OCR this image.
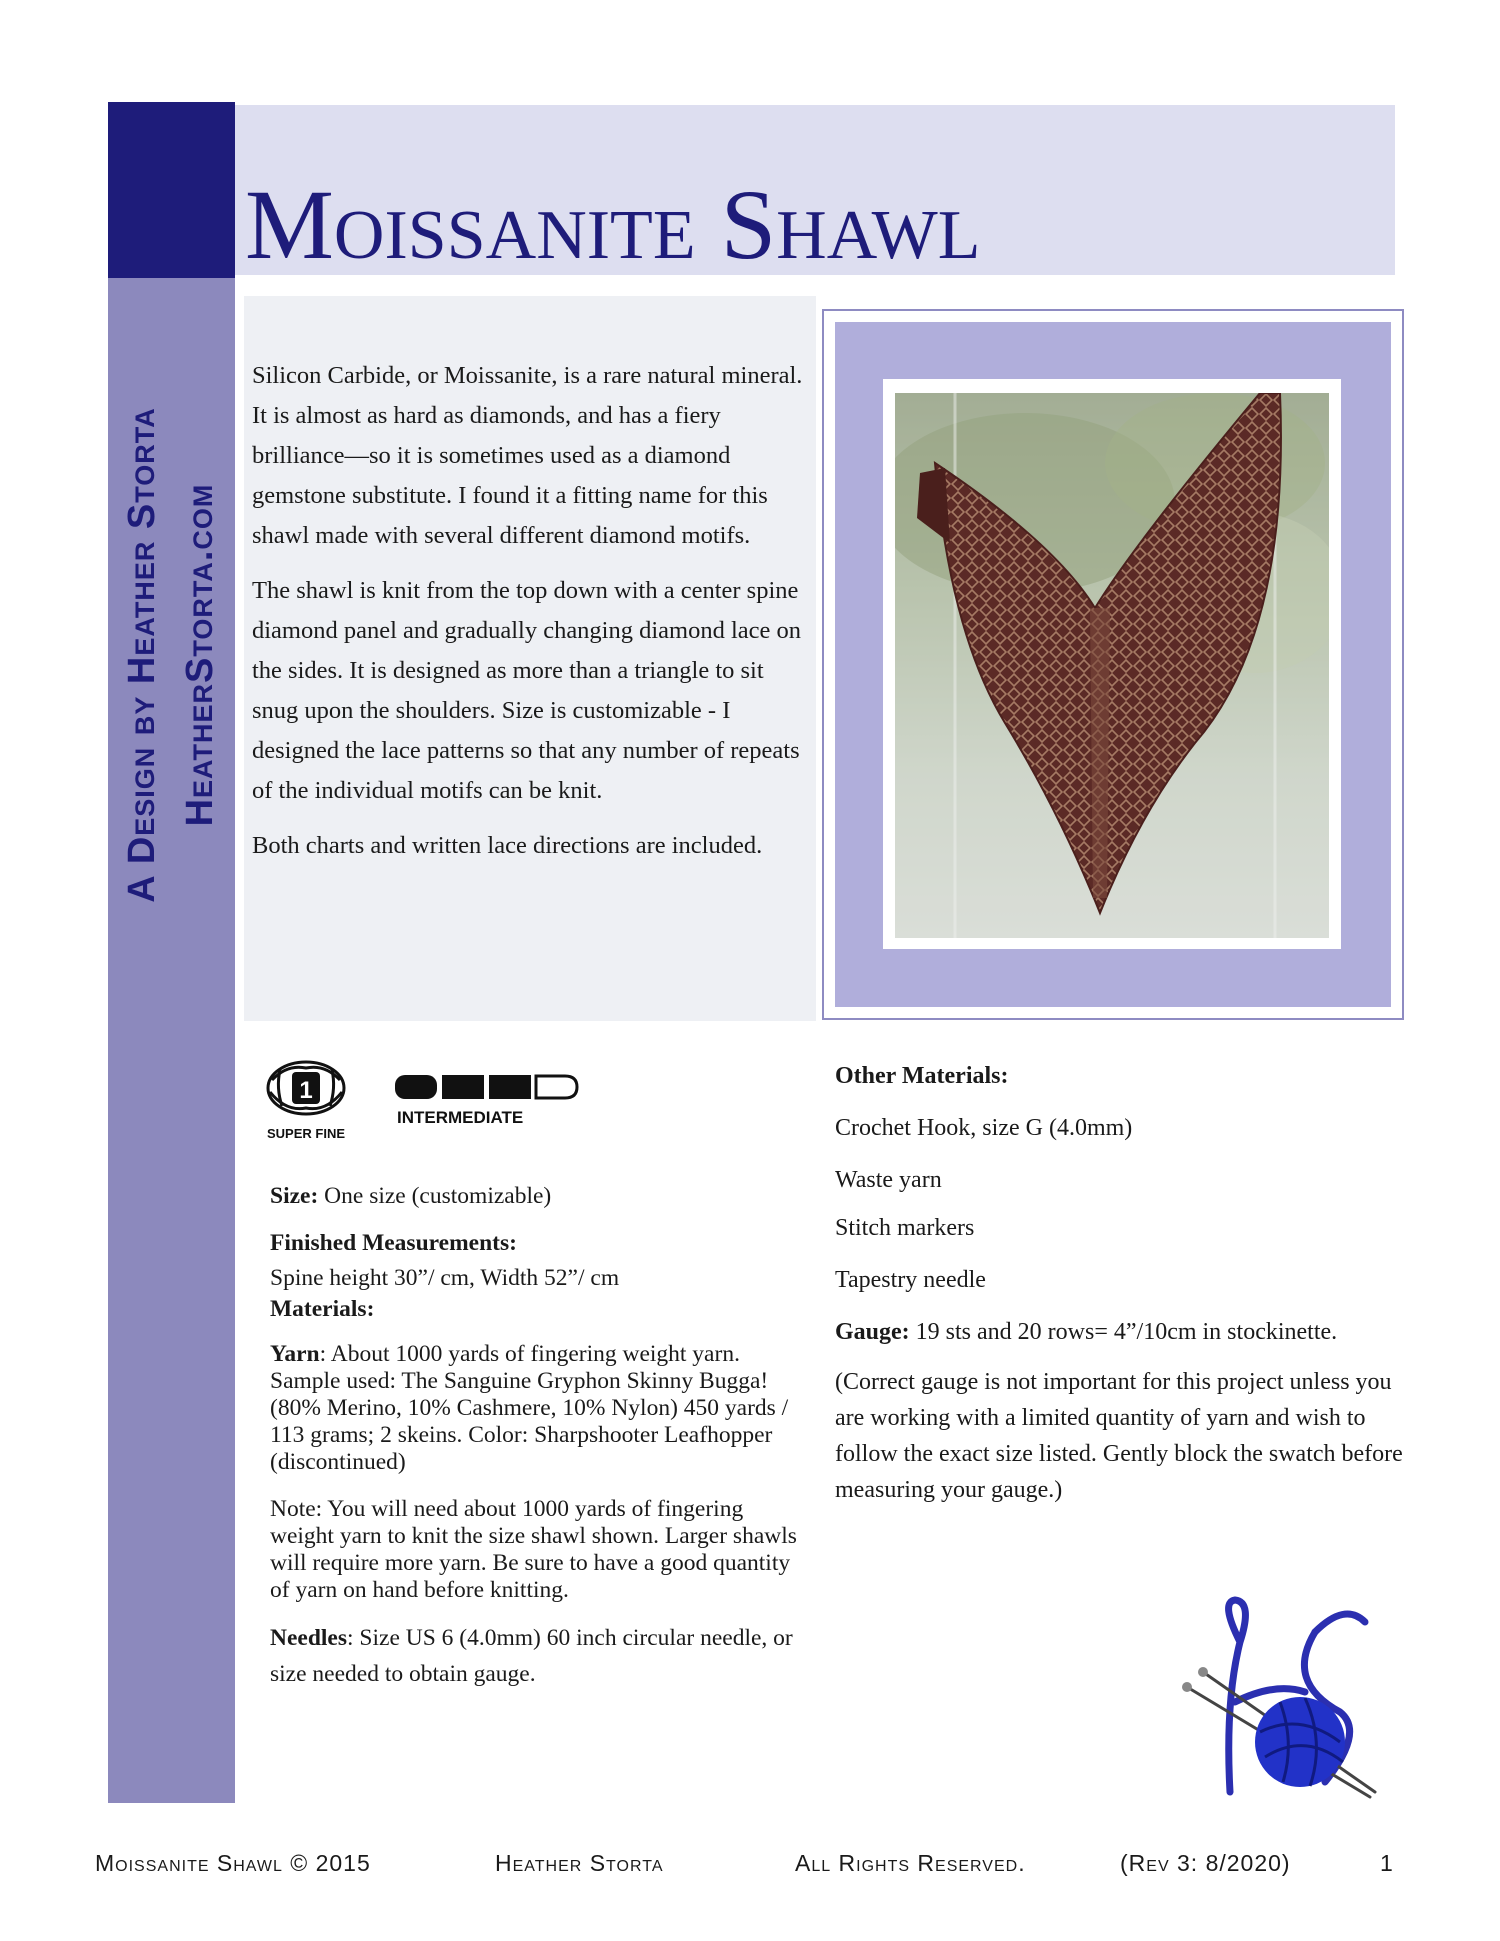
A Design by Heather Storta HeatherStorta.com
Moissanite Shawl

Silicon Carbide, or Moissanite, is a rare natural mineral. It is almost as hard as diamonds, and has a fiery brilliance—so it is sometimes used as a diamond gemstone substitute. I found it a fitting name for this shawl made with several different diamond motifs.

The shawl is knit from the top down with a center spine diamond panel and gradually changing diamond lace on the sides. It is designed as more than a triangle to sit snug upon the shoulders. Size is customizable - I designed the lace patterns so that any number of repeats of the individual motifs can be knit.

Both charts and written lace directions are included.

1
SUPER FINE
INTERMEDIATE

Size: One size (customizable)

Finished Measurements:

Spine height 30”/ cm, Width 52”/ cm

Materials:

Yarn: About 1000 yards of fingering weight yarn. Sample used: The Sanguine Gryphon Skinny Bugga! (80% Merino, 10% Cashmere, 10% Nylon) 450 yards / 113 grams; 2 skeins. Color: Sharpshooter Leafhopper (discontinued)

Note: You will need about 1000 yards of fingering weight yarn to knit the size shawl shown. Larger shawls will require more yarn. Be sure to have a good quantity of yarn on hand before knitting.

Needles: Size US 6 (4.0mm) 60 inch circular needle, or size needed to obtain gauge.

Other Materials:

Crochet Hook, size G (4.0mm)

Waste yarn

Stitch markers

Tapestry needle

Gauge: 19 sts and 20 rows= 4”/10cm in stockinette.

(Correct gauge is not important for this project unless you are working with a limited quantity of yarn and wish to follow the exact size listed. Gently block the swatch before measuring your gauge.)

Moissanite Shawl © 2015	Heather Storta	All Rights Reserved.	(Rev 3: 8/2020)	1
